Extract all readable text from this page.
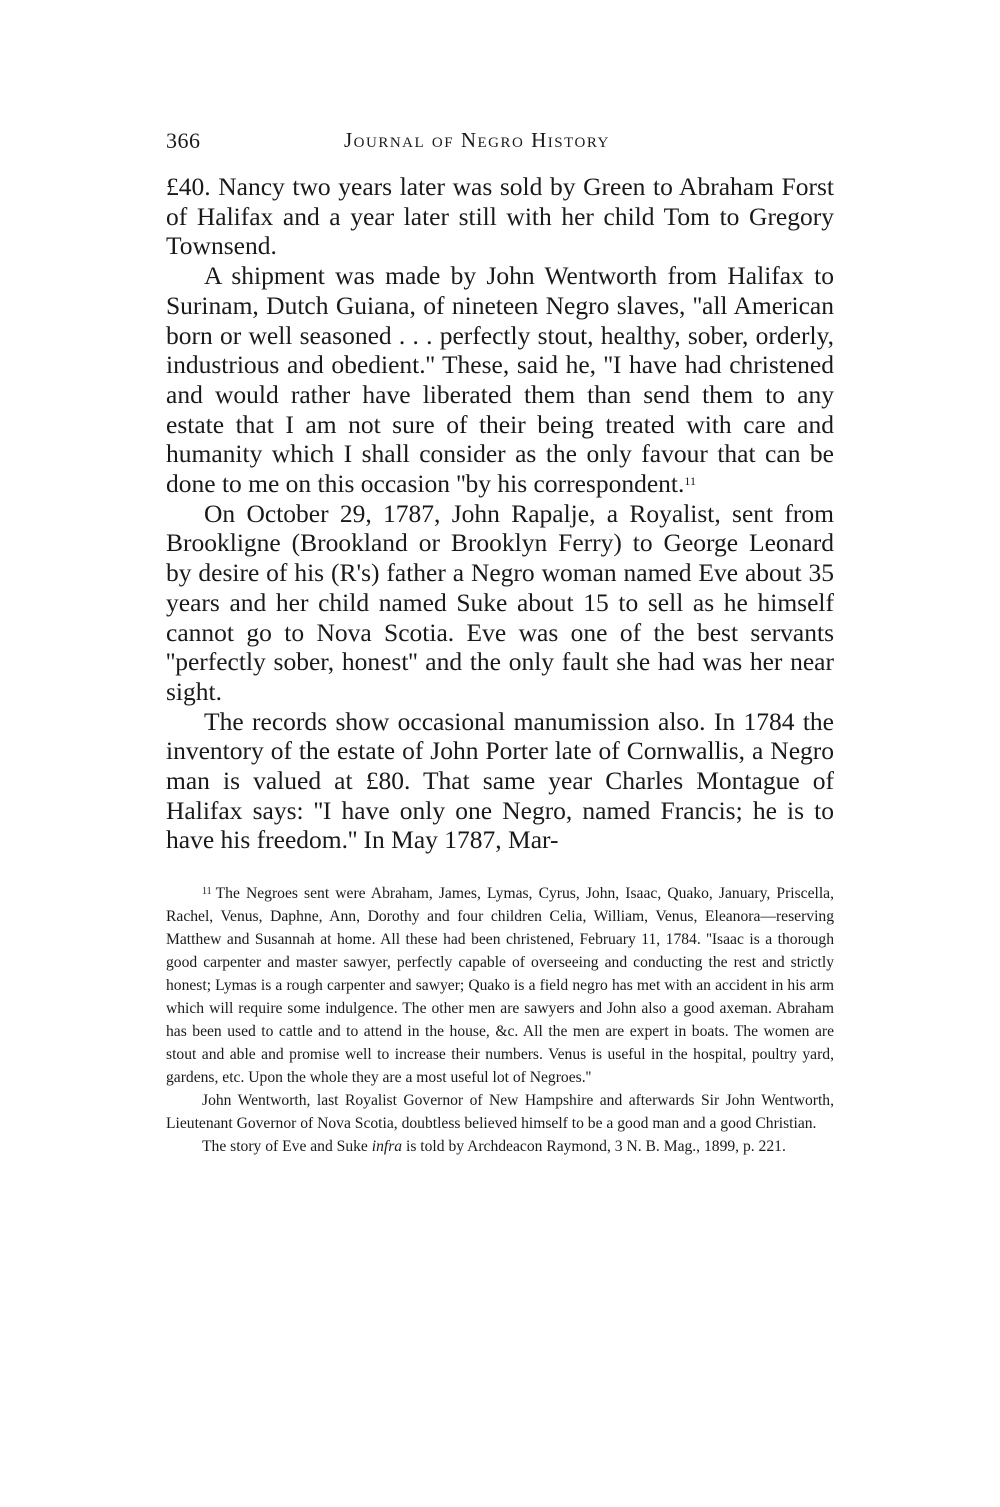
366	Journal of Negro History

£40. Nancy two years later was sold by Green to Abraham Forst of Halifax and a year later still with her child Tom to Gregory Townsend.

A shipment was made by John Wentworth from Halifax to Surinam, Dutch Guiana, of nineteen Negro slaves, ''all American born or well seasoned . . . perfectly stout, healthy, sober, orderly, industrious and obedient.'' These, said he, ''I have had christened and would rather have liberated them than send them to any estate that I am not sure of their being treated with care and humanity which I shall consider as the only favour that can be done to me on this occasion ''by his correspondent.$^{11}$

On October 29, 1787, John Rapalje, a Royalist, sent from Brookligne (Brookland or Brooklyn Ferry) to George Leonard by desire of his (R's) father a Negro woman named Eve about 35 years and her child named Suke about 15 to sell as he himself cannot go to Nova Scotia. Eve was one of the best servants ''perfectly sober, honest'' and the only fault she had was her near sight.

The records show occasional manumission also. In 1784 the inventory of the estate of John Porter late of Cornwallis, a Negro man is valued at £80. That same year Charles Montague of Halifax says: ''I have only one Negro, named Francis; he is to have his freedom.'' In May 1787, Mar-

$^{11}$ The Negroes sent were Abraham, James, Lymas, Cyrus, John, Isaac, Quako, January, Priscella, Rachel, Venus, Daphne, Ann, Dorothy and four children Celia, William, Venus, Eleanora—reserving Matthew and Susannah at home. All these had been christened, February 11, 1784. ''Isaac is a thorough good carpenter and master sawyer, perfectly capable of overseeing and conducting the rest and strictly honest; Lymas is a rough carpenter and sawyer; Quako is a field negro has met with an accident in his arm which will require some indulgence. The other men are sawyers and John also a good axeman. Abraham has been used to cattle and to attend in the house, &c. All the men are expert in boats. The women are stout and able and promise well to increase their numbers. Venus is useful in the hospital, poultry yard, gardens, etc. Upon the whole they are a most useful lot of Negroes.''

John Wentworth, last Royalist Governor of New Hampshire and afterwards Sir John Wentworth, Lieutenant Governor of Nova Scotia, doubtless believed himself to be a good man and a good Christian.

The story of Eve and Suke infra is told by Archdeacon Raymond, 3 N. B. Mag., 1899, p. 221.
